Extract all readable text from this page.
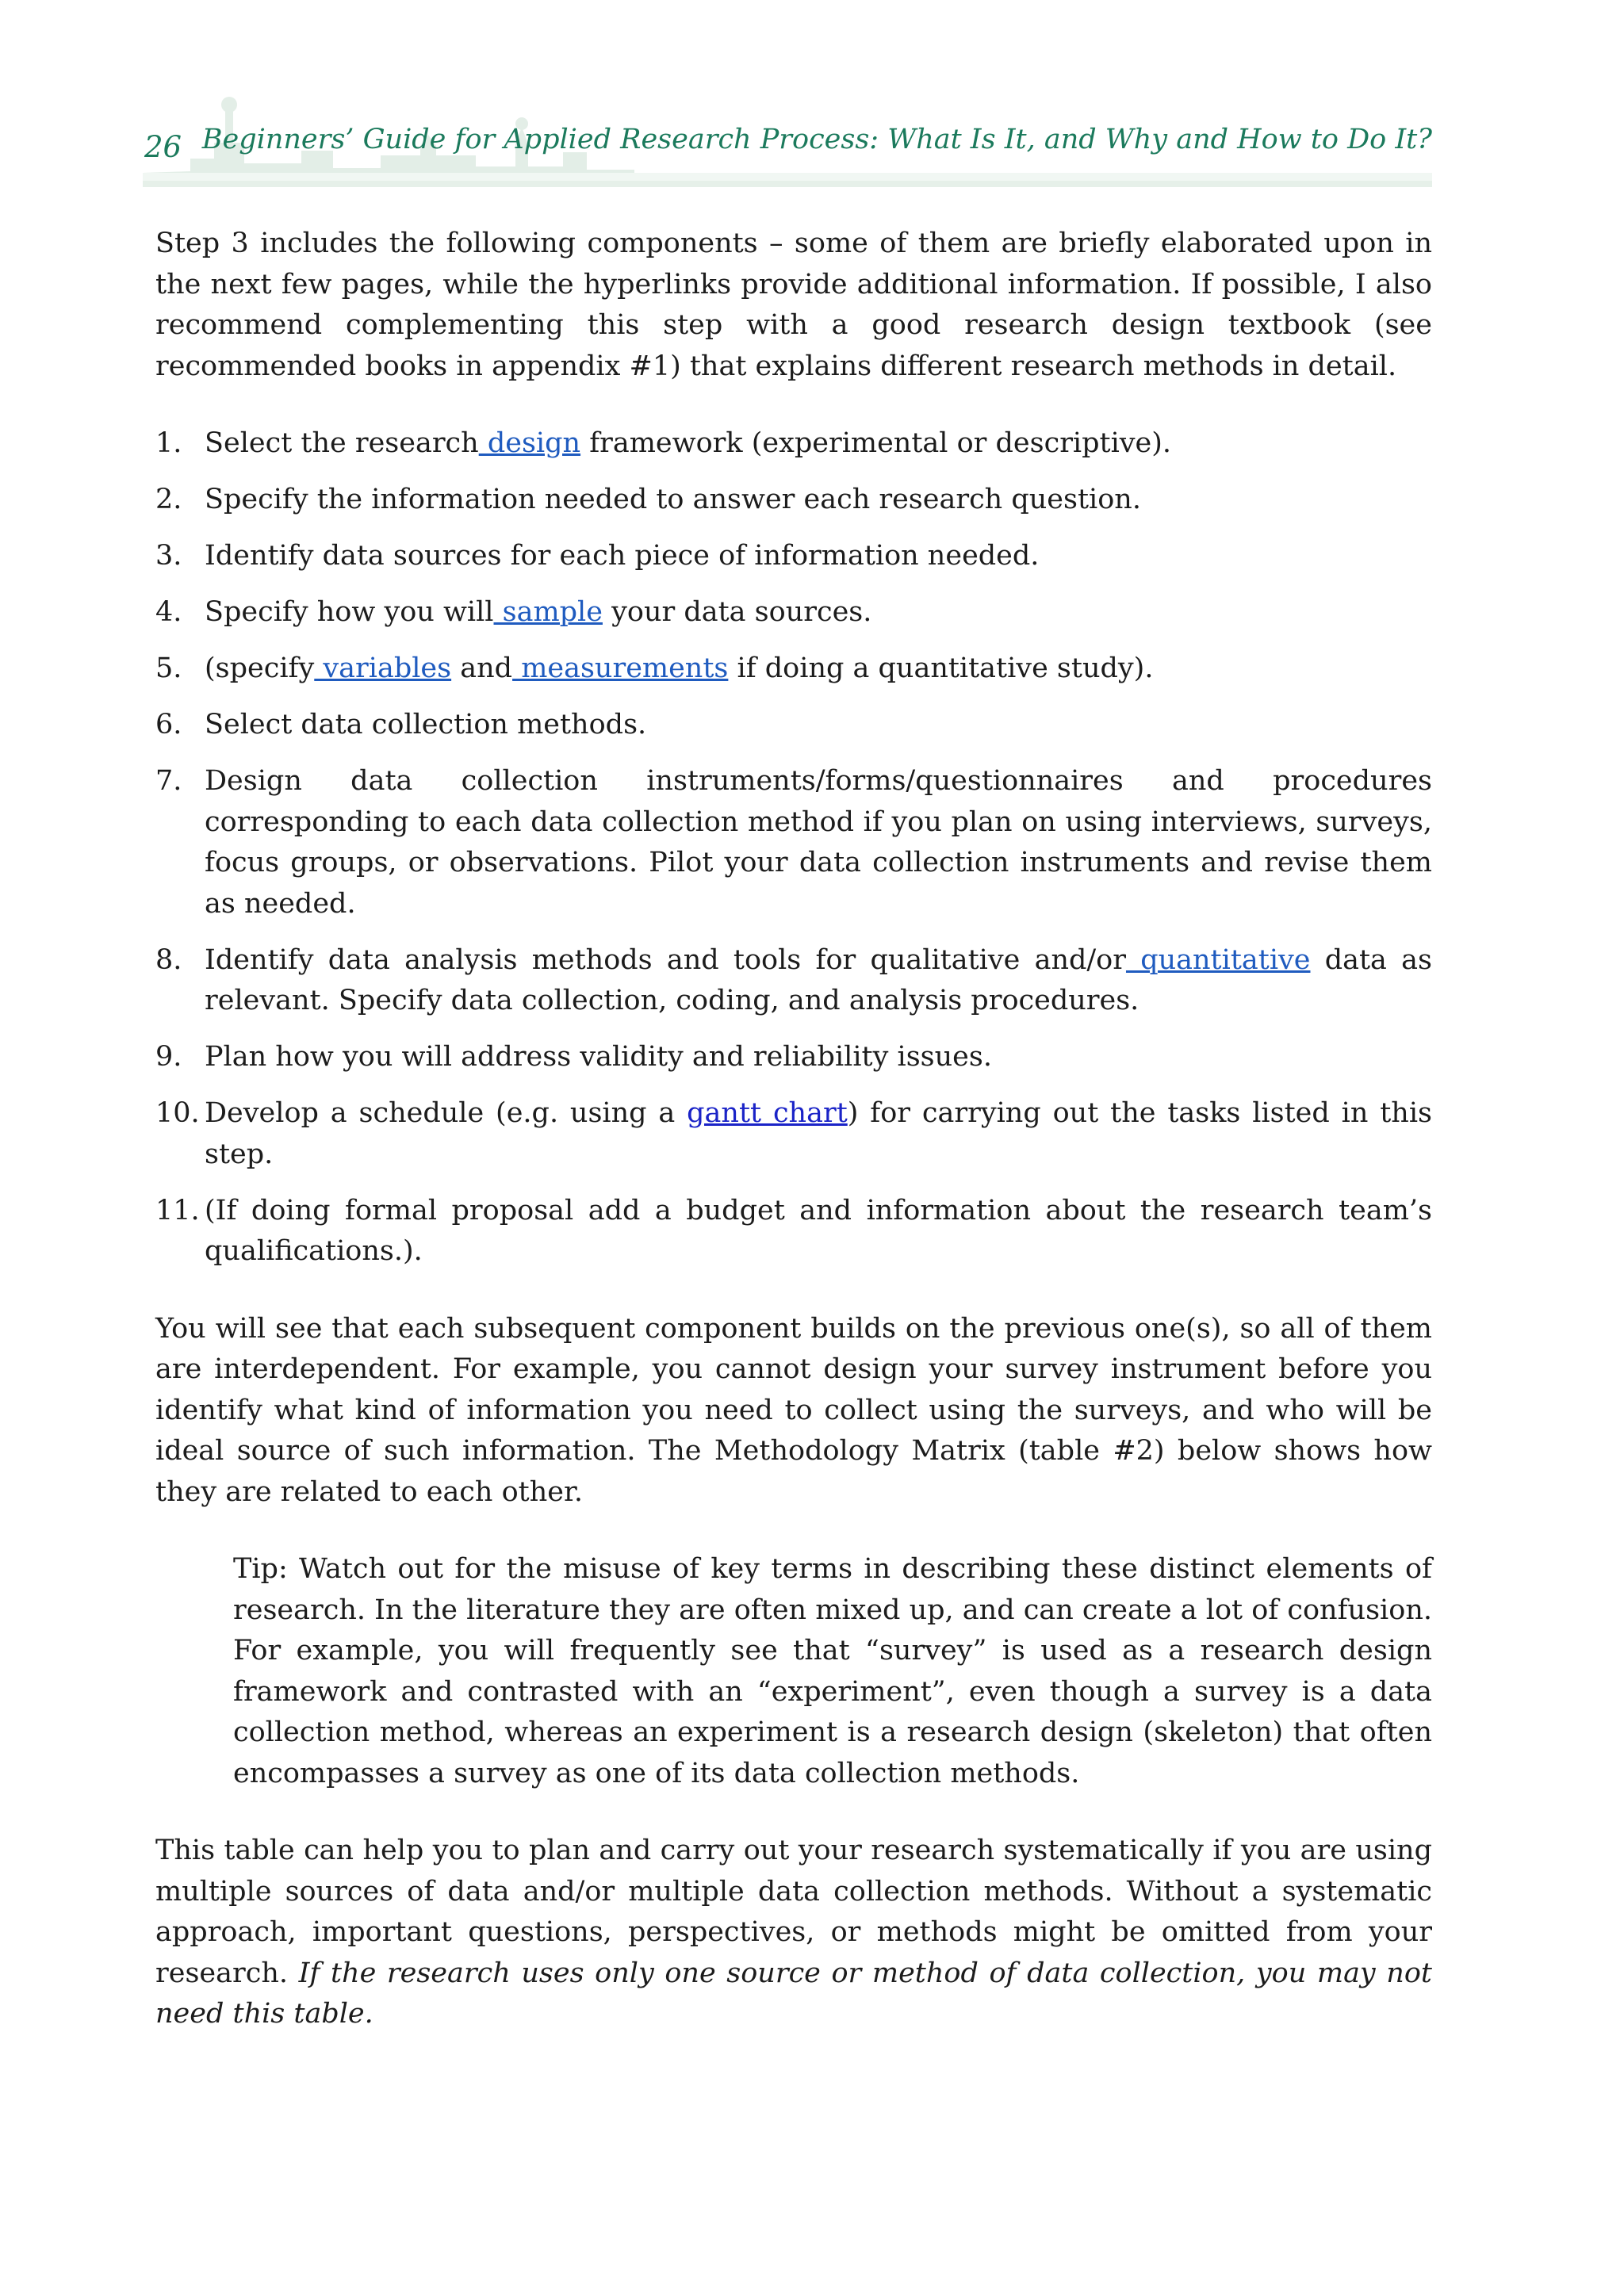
26 Beginners’ Guide for Applied Research Process: What Is It, and Why and How to Do It?

Step 3 includes the following components – some of them are briefly elaborated upon in the next few pages, while the hyperlinks provide additional information. If possible, I also recommend complementing this step with a good research design textbook (see recommended books in appendix #1) that explains different research methods in detail.

1. Select the research design framework (experimental or descriptive).
2. Specify the information needed to answer each research question.
3. Identify data sources for each piece of information needed.
4. Specify how you will sample your data sources.
5. (specify variables and measurements if doing a quantitative study).
6. Select data collection methods.
7. Design data collection instruments/forms/questionnaires and procedures corresponding to each data collection method if you plan on using interviews, surveys, focus groups, or observations. Pilot your data collection instruments and revise them as needed.
8. Identify data analysis methods and tools for qualitative and/or quantitative data as relevant. Specify data collection, coding, and analysis procedures.
9. Plan how you will address validity and reliability issues.
10. Develop a schedule (e.g. using a gantt chart) for carrying out the tasks listed in this step.
11. (If doing formal proposal add a budget and information about the research team’s qualifications.).

You will see that each subsequent component builds on the previous one(s), so all of them are interdependent. For example, you cannot design your survey instrument before you identify what kind of information you need to collect using the surveys, and who will be ideal source of such information. The Methodology Matrix (table #2) below shows how they are related to each other.

Tip: Watch out for the misuse of key terms in describing these distinct elements of research. In the literature they are often mixed up, and can create a lot of confusion. For example, you will frequently see that “survey” is used as a research design framework and contrasted with an “experiment”, even though a survey is a data collection method, whereas an experiment is a research design (skeleton) that often encompasses a survey as one of its data collection methods.

This table can help you to plan and carry out your research systematically if you are using multiple sources of data and/or multiple data collection methods. Without a systematic approach, important questions, perspectives, or methods might be omitted from your research. If the research uses only one source or method of data collection, you may not need this table.
